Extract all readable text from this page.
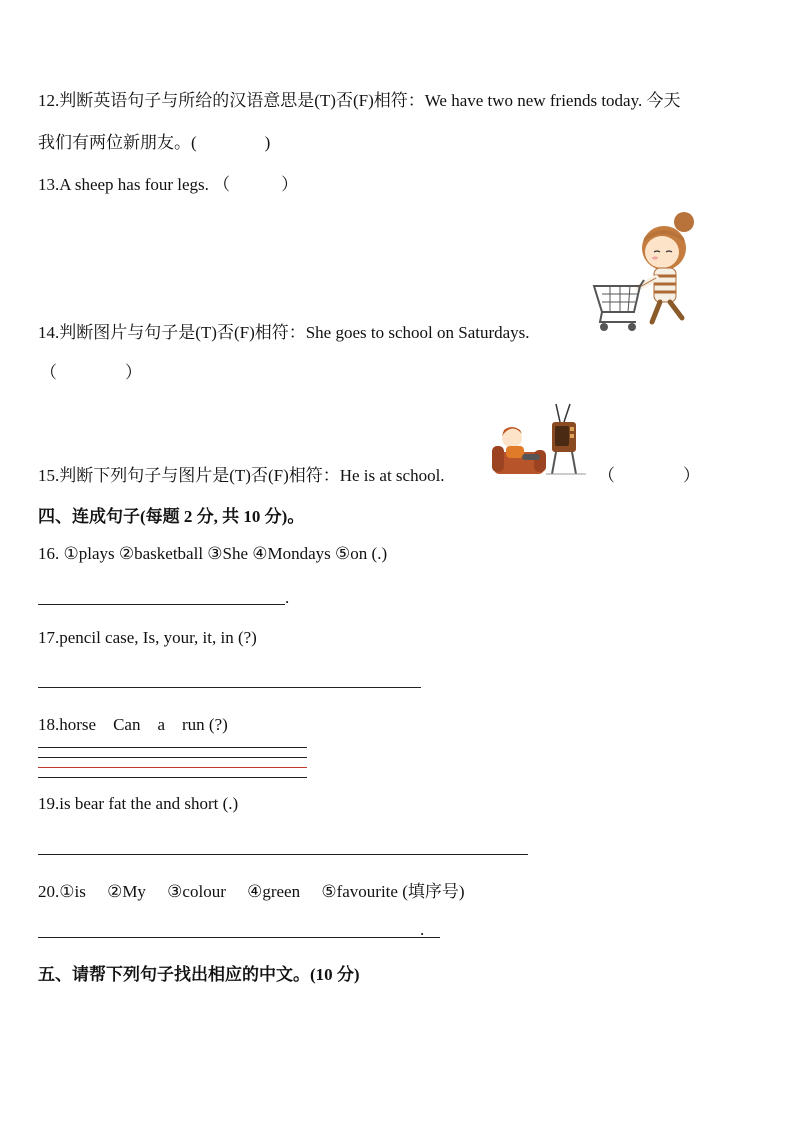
12.判断英语句子与所给的汉语意思是(T)否(F)相符：We have two new friends today. 今天
我们有两位新朋友。(　　　　)
13.A sheep has four legs. （　　　）
14.判断图片与句子是(T)否(F)相符：She goes to school on Saturdays.
（　　　　）
15.判断下列句子与图片是(T)否(F)相符：He is at school.	（　　　　）
四、连成句子(每题 2 分, 共 10 分)。
16. ①plays ②basketball ③She ④Mondays ⑤on (.)
.
17.pencil case, Is, your, it, in (?)
18.horse　Can　a　run (?)
19.is bear fat the and short (.)
20.①is　 ②My　 ③colour　 ④green　 ⑤favourite (填序号)
.
五、请帮下列句子找出相应的中文。(10 分)
